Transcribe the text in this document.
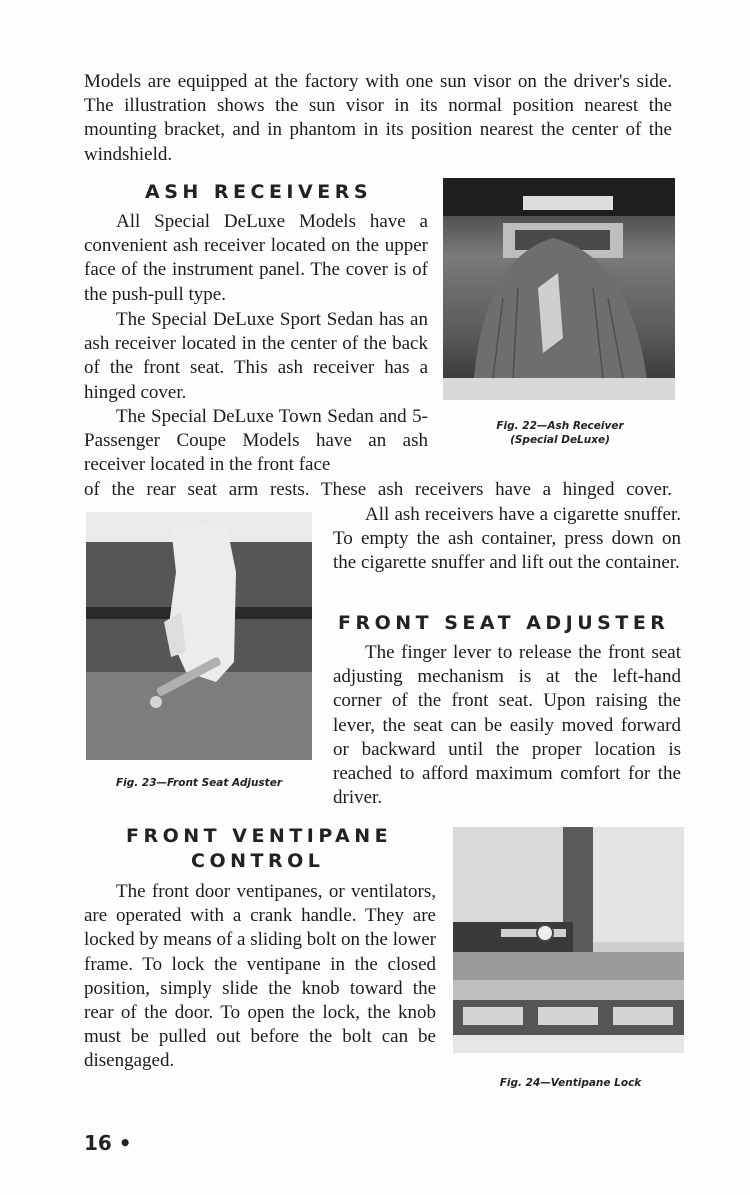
Models are equipped at the factory with one sun visor on the driver's side. The illustration shows the sun visor in its normal position nearest the mounting bracket, and in phantom in its position nearest the center of the windshield.

ASH RECEIVERS

All Special DeLuxe Models have a convenient ash receiver located on the upper face of the instrument panel. The cover is of the push-pull type.

The Special DeLuxe Sport Sedan has an ash receiver located in the center of the back of the front seat. This ash receiver has a hinged cover.

The Special DeLuxe Town Sedan and 5-Passenger Coupe Models have an ash receiver located in the front face

of the rear seat arm rests. These ash receivers have a hinged cover.

All ash receivers have a cigarette snuffer. To empty the ash container, press down on the cigarette snuffer and lift out the container.

Fig. 22—Ash Receiver

(Special DeLuxe)

Fig. 23—Front Seat Adjuster

FRONT SEAT ADJUSTER

The finger lever to release the front seat adjusting mechanism is at the left-hand corner of the front seat. Upon raising the lever, the seat can be easily moved forward or backward until the proper location is reached to afford maximum comfort for the driver.

FRONT VENTIPANE
CONTROL

The front door ventipanes, or ventilators, are operated with a crank handle. They are locked by means of a sliding bolt on the lower frame. To lock the ventipane in the closed position, simply slide the knob toward the rear of the door. To open the lock, the knob must be pulled out before the bolt can be disengaged.

Fig. 24—Ventipane Lock

16 •
